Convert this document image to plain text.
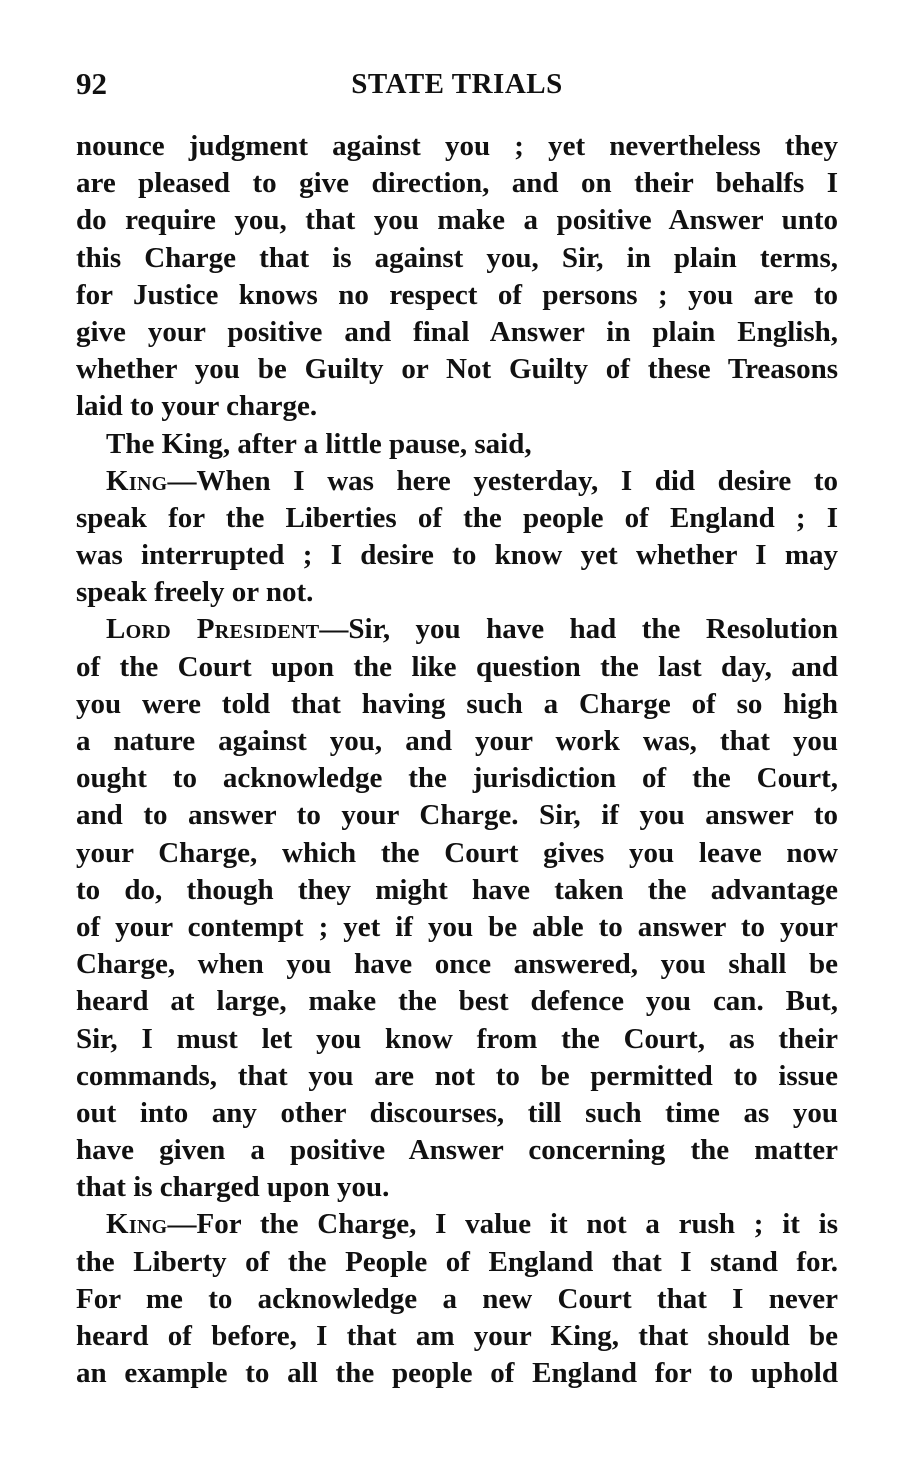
92	STATE TRIALS
nounce judgment against you ; yet nevertheless they
are pleased to give direction, and on their behalfs I
do require you, that you make a positive Answer unto
this Charge that is against you, Sir, in plain terms,
for Justice knows no respect of persons ; you are to
give your positive and final Answer in plain English,
whether you be Guilty or Not Guilty of these Treasons
laid to your charge.
The King, after a little pause, said,
King—When I was here yesterday, I did desire to
speak for the Liberties of the people of England ; I
was interrupted ; I desire to know yet whether I may
speak freely or not.
Lord President—Sir, you have had the Resolution
of the Court upon the like question the last day, and
you were told that having such a Charge of so high
a nature against you, and your work was, that you
ought to acknowledge the jurisdiction of the Court,
and to answer to your Charge. Sir, if you answer to
your Charge, which the Court gives you leave now
to do, though they might have taken the advantage
of your contempt ; yet if you be able to answer to your
Charge, when you have once answered, you shall be
heard at large, make the best defence you can. But,
Sir, I must let you know from the Court, as their
commands, that you are not to be permitted to issue
out into any other discourses, till such time as you
have given a positive Answer concerning the matter
that is charged upon you.
King—For the Charge, I value it not a rush ; it is
the Liberty of the People of England that I stand for.
For me to acknowledge a new Court that I never
heard of before, I that am your King, that should be
an example to all the people of England for to uphold
